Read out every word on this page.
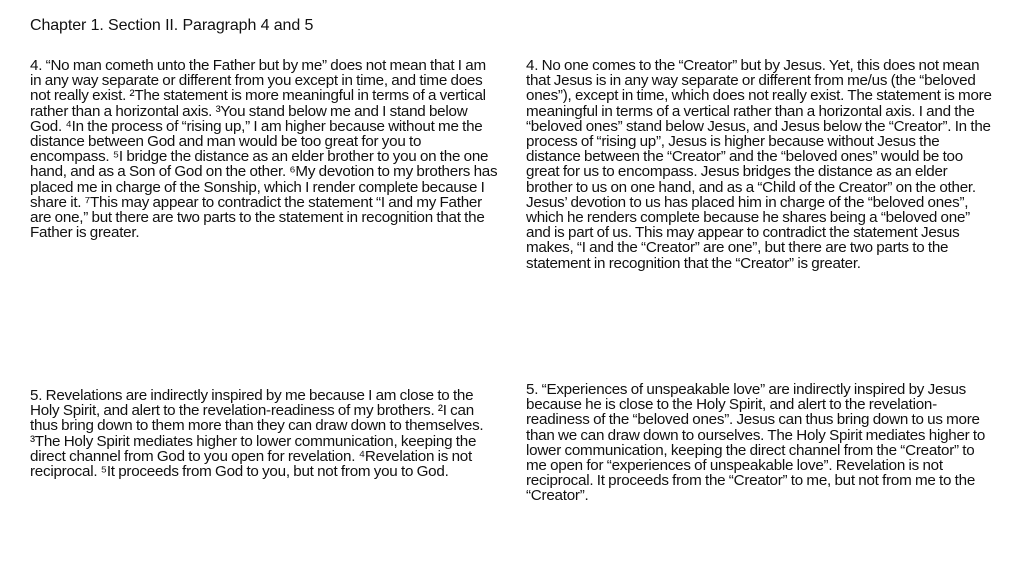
Chapter 1. Section II. Paragraph 4 and 5

4. “No man cometh unto the Father but by me” does not mean that I am in any way separate or different from you except in time, and time does not really exist. ²The statement is more meaningful in terms of a vertical rather than a horizontal axis. ³You stand below me and I stand below God. ⁴In the process of “rising up,” I am higher because without me the distance between God and man would be too great for you to encompass. ⁵I bridge the distance as an elder brother to you on the one hand, and as a Son of God on the other. ⁶My devotion to my brothers has placed me in charge of the Sonship, which I render complete because I share it. ⁷This may appear to contradict the statement “I and my Father are one,” but there are two parts to the statement in recognition that the Father is greater.

5. Revelations are indirectly inspired by me because I am close to the Holy Spirit, and alert to the revelation-readiness of my brothers. ²I can thus bring down to them more than they can draw down to themselves. ³The Holy Spirit mediates higher to lower communication, keeping the direct channel from God to you open for revelation. ⁴Revelation is not reciprocal. ⁵It proceeds from God to you, but not from you to God.

4. No one comes to the “Creator” but by Jesus. Yet, this does not mean that Jesus is in any way separate or different from me/us (the “beloved ones”), except in time, which does not really exist. The statement is more meaningful in terms of a vertical rather than a horizontal axis. I and the “beloved ones” stand below Jesus, and Jesus below the “Creator”. In the process of “rising up”, Jesus is higher because without Jesus the distance between the “Creator” and the “beloved ones” would be too great for us to encompass. Jesus bridges the distance as an elder brother to us on one hand, and as a “Child of the Creator” on the other. Jesus’ devotion to us has placed him in charge of the “beloved ones”, which he renders complete because he shares being a “beloved one” and is part of us. This may appear to contradict the statement Jesus makes, “I and the “Creator” are one”, but there are two parts to the statement in recognition that the “Creator” is greater.

5. “Experiences of unspeakable love” are indirectly inspired by Jesus because he is close to the Holy Spirit, and alert to the revelation-readiness of the “beloved ones”. Jesus can thus bring down to us more than we can draw down to ourselves. The Holy Spirit mediates higher to lower communication, keeping the direct channel from the “Creator” to me open for “experiences of unspeakable love”. Revelation is not reciprocal. It proceeds from the “Creator” to me, but not from me to the “Creator”.
